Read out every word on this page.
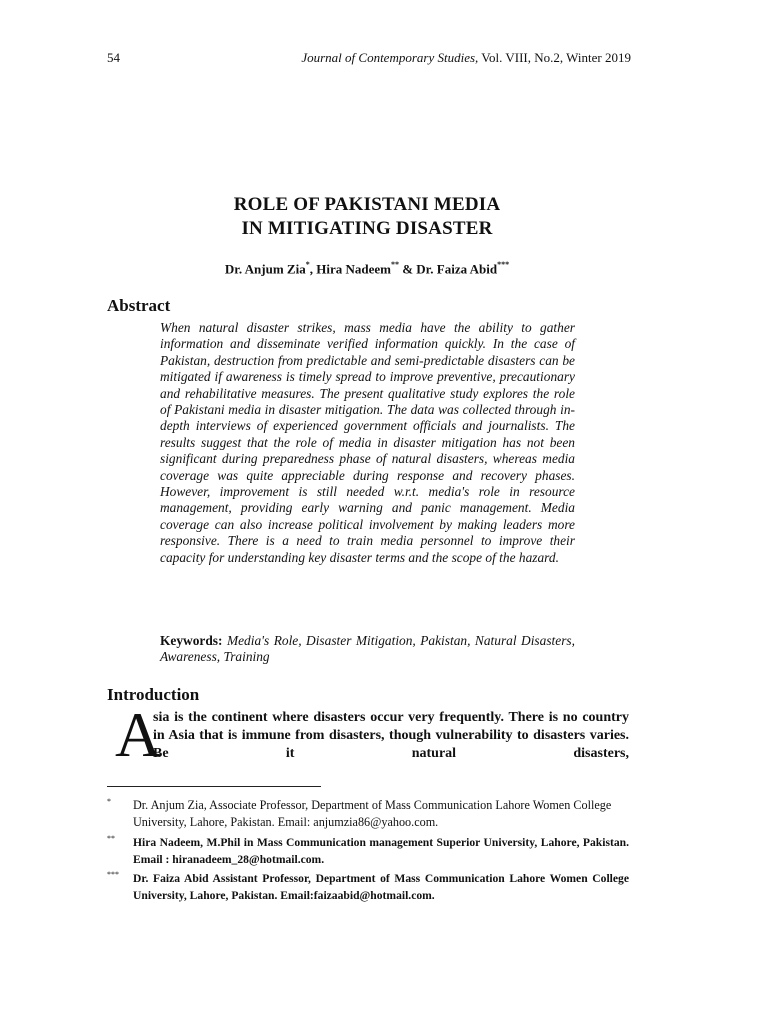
54	Journal of Contemporary Studies, Vol. VIII, No.2, Winter 2019
ROLE OF PAKISTANI MEDIA
IN MITIGATING DISASTER
Dr. Anjum Zia*, Hira Nadeem** & Dr. Faiza Abid***
Abstract

When natural disaster strikes, mass media have the ability to gather information and disseminate verified information quickly. In the case of Pakistan, destruction from predictable and semi-predictable disasters can be mitigated if awareness is timely spread to improve preventive, precautionary and rehabilitative measures. The present qualitative study explores the role of Pakistani media in disaster mitigation. The data was collected through in-depth interviews of experienced government officials and journalists. The results suggest that the role of media in disaster mitigation has not been significant during preparedness phase of natural disasters, whereas media coverage was quite appreciable during response and recovery phases. However, improvement is still needed w.r.t. media's role in resource management, providing early warning and panic management. Media coverage can also increase political involvement by making leaders more responsive. There is a need to train media personnel to improve their capacity for understanding key disaster terms and the scope of the hazard.

Keywords: Media's Role, Disaster Mitigation, Pakistan, Natural Disasters, Awareness, Training

Introduction
A

sia is the continent where disasters occur very frequently. There is no country in Asia that is immune from disasters, though vulnerability to disasters varies. Be it natural disasters,

* Dr. Anjum Zia, Associate Professor, Department of Mass Communication Lahore Women College University, Lahore, Pakistan. Email: anjumzia86@yahoo.com.

** Hira Nadeem, M.Phil in Mass Communication management Superior University, Lahore, Pakistan. Email : hiranadeem_28@hotmail.com.

*** Dr. Faiza Abid Assistant Professor, Department of Mass Communication Lahore Women College University, Lahore, Pakistan. Email:faizaabid@hotmail.com.
